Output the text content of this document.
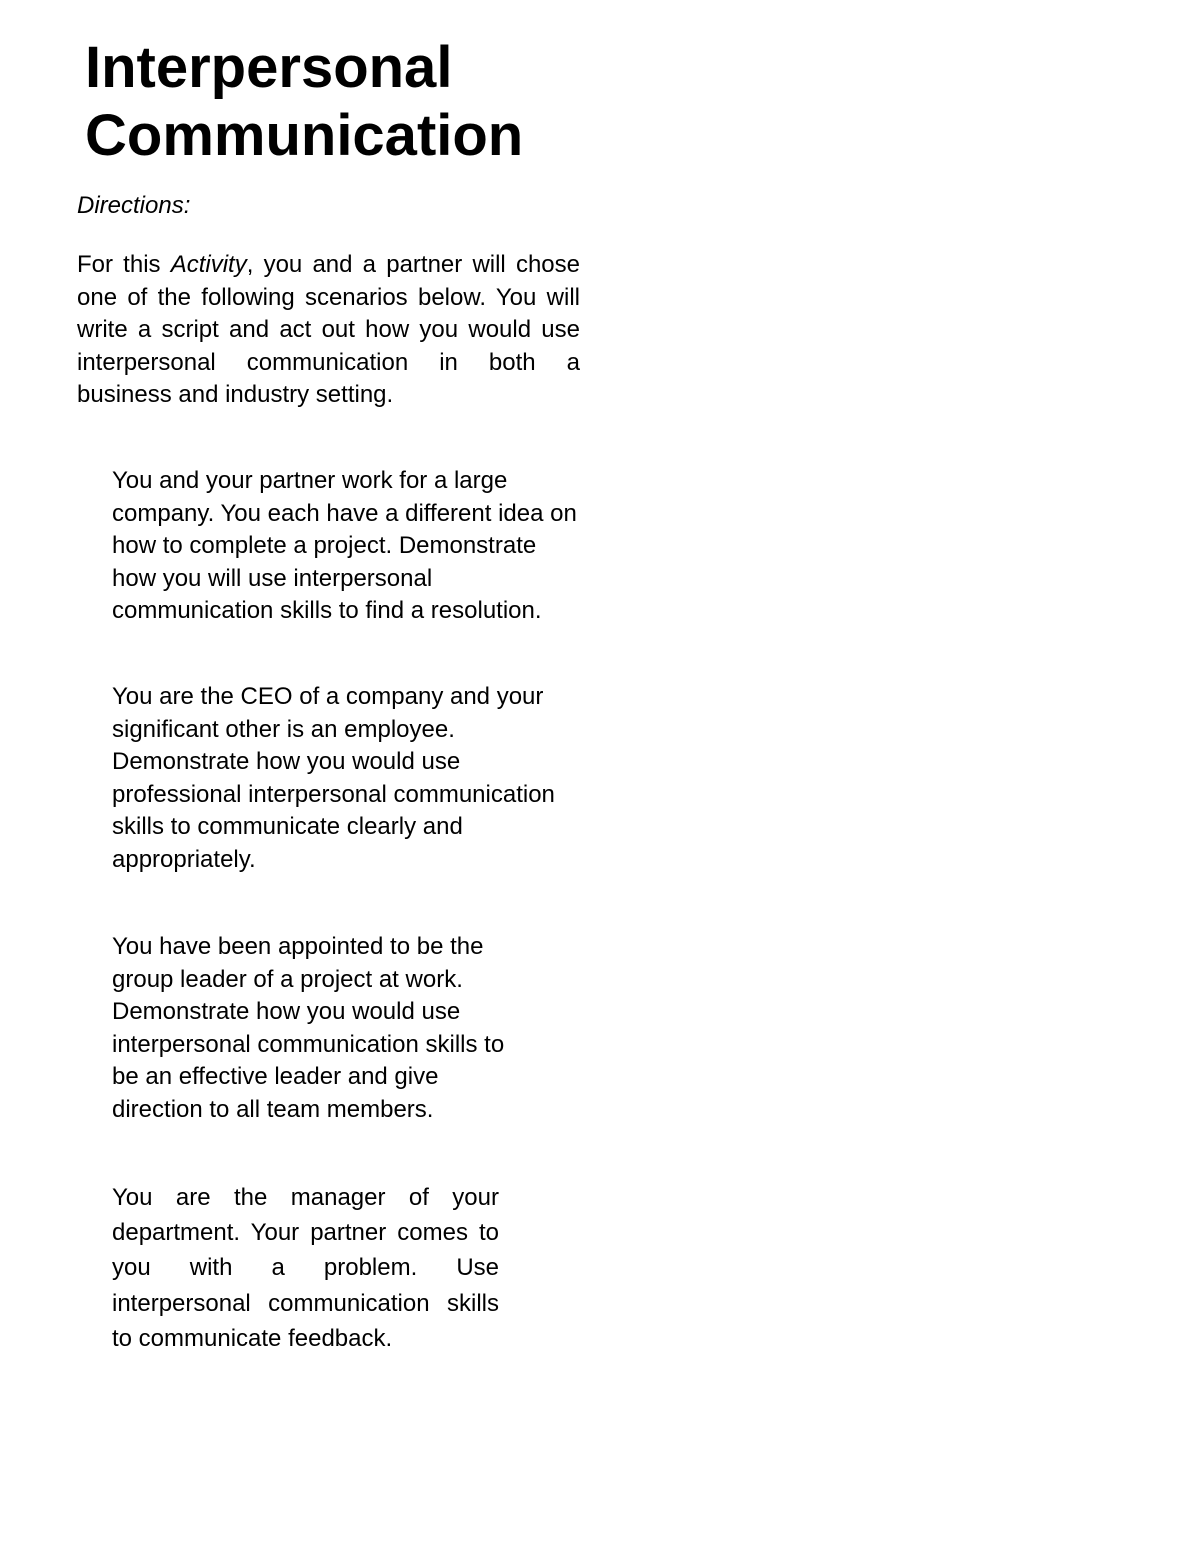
Interpersonal
Communication

Directions:

For this Activity, you and a partner will chose one of the following scenarios below. You will write a script and act out how you would use interpersonal communication in both a business and industry setting.

You and your partner work for a large company. You each have a different idea on how to complete a project. Demonstrate how you will use interpersonal communication skills to find a resolution.

You are the CEO of a company and your significant other is an employee. Demonstrate how you would use professional interpersonal communication skills to communicate clearly and appropriately.

You have been appointed to be the group leader of a project at work. Demonstrate how you would use interpersonal communication skills to be an effective leader and give direction to all team members.

You are the manager of your department. Your partner comes to you with a problem. Use interpersonal communication skills to communicate feedback.
